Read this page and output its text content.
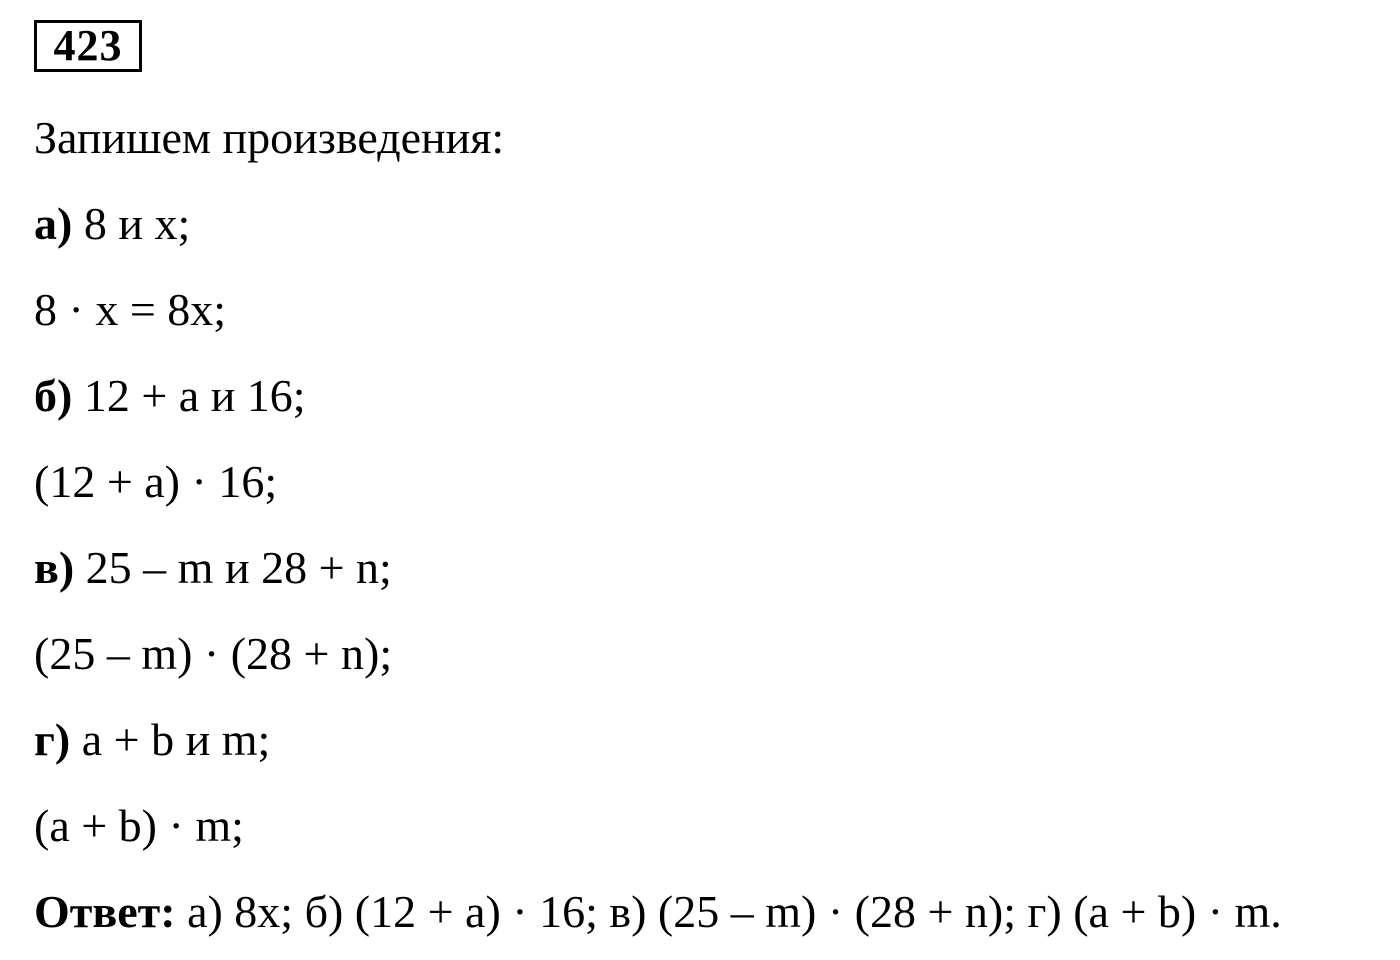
423
Запишем произведения:
а) 8 и x;
8 · x = 8x;
б) 12 + a и 16;
(12 + a) · 16;
в) 25 – m и 28 + n;
(25 – m) · (28 + n);
г) a + b и m;
(a + b) · m;
Ответ: а) 8x; б) (12 + a) · 16; в) (25 – m) · (28 + n); г) (a + b) · m.
